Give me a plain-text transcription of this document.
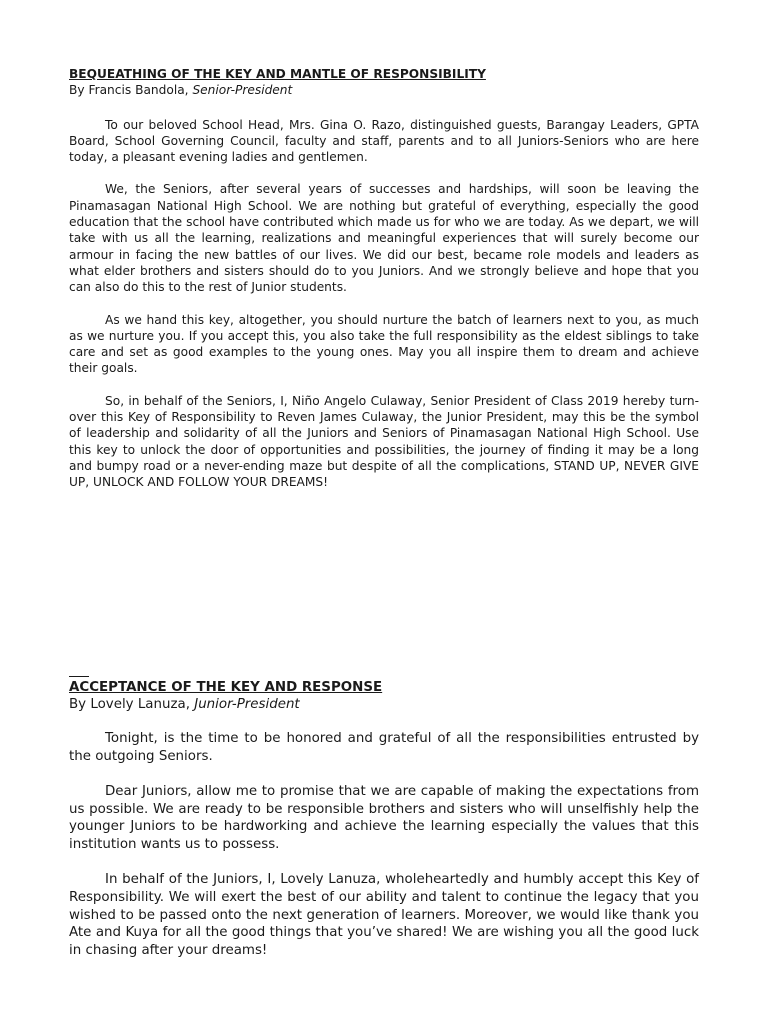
BEQUEATHING OF THE KEY AND MANTLE OF RESPONSIBILITY

By Francis Bandola, Senior-President

To our beloved School Head, Mrs. Gina O. Razo, distinguished guests, Barangay Leaders, GPTA Board, School Governing Council, faculty and staff, parents and to all Juniors-Seniors who are here today, a pleasant evening ladies and gentlemen.

We, the Seniors, after several years of successes and hardships, will soon be leaving the Pinamasagan National High School. We are nothing but grateful of everything, especially the good education that the school have contributed which made us for who we are today. As we depart, we will take with us all the learning, realizations and meaningful experiences that will surely become our armour in facing the new battles of our lives. We did our best, became role models and leaders as what elder brothers and sisters should do to you Juniors. And we strongly believe and hope that you can also do this to the rest of Junior students.

As we hand this key, altogether, you should nurture the batch of learners next to you, as much as we nurture you. If you accept this, you also take the full responsibility as the eldest siblings to take care and set as good examples to the young ones. May you all inspire them to dream and achieve their goals.

So, in behalf of the Seniors, I, Niño Angelo Culaway, Senior President of Class 2019 hereby turn-over this Key of Responsibility to Reven James Culaway, the Junior President, may this be the symbol of leadership and solidarity of all the Juniors and Seniors of Pinamasagan National High School. Use this key to unlock the door of opportunities and possibilities, the journey of finding it may be a long and bumpy road or a never-ending maze but despite of all the complications, STAND UP, NEVER GIVE UP, UNLOCK AND FOLLOW YOUR DREAMS!

ACCEPTANCE OF THE KEY AND RESPONSE

By Lovely Lanuza, Junior-President

Tonight, is the time to be honored and grateful of all the responsibilities entrusted by the outgoing Seniors.

Dear Juniors, allow me to promise that we are capable of making the expectations from us possible. We are ready to be responsible brothers and sisters who will unselfishly help the younger Juniors to be hardworking and achieve the learning especially the values that this institution wants us to possess.

In behalf of the Juniors, I, Lovely Lanuza, wholeheartedly and humbly accept this Key of Responsibility. We will exert the best of our ability and talent to continue the legacy that you wished to be passed onto the next generation of learners. Moreover, we would like thank you Ate and Kuya for all the good things that you’ve shared! We are wishing you all the good luck in chasing after your dreams!
